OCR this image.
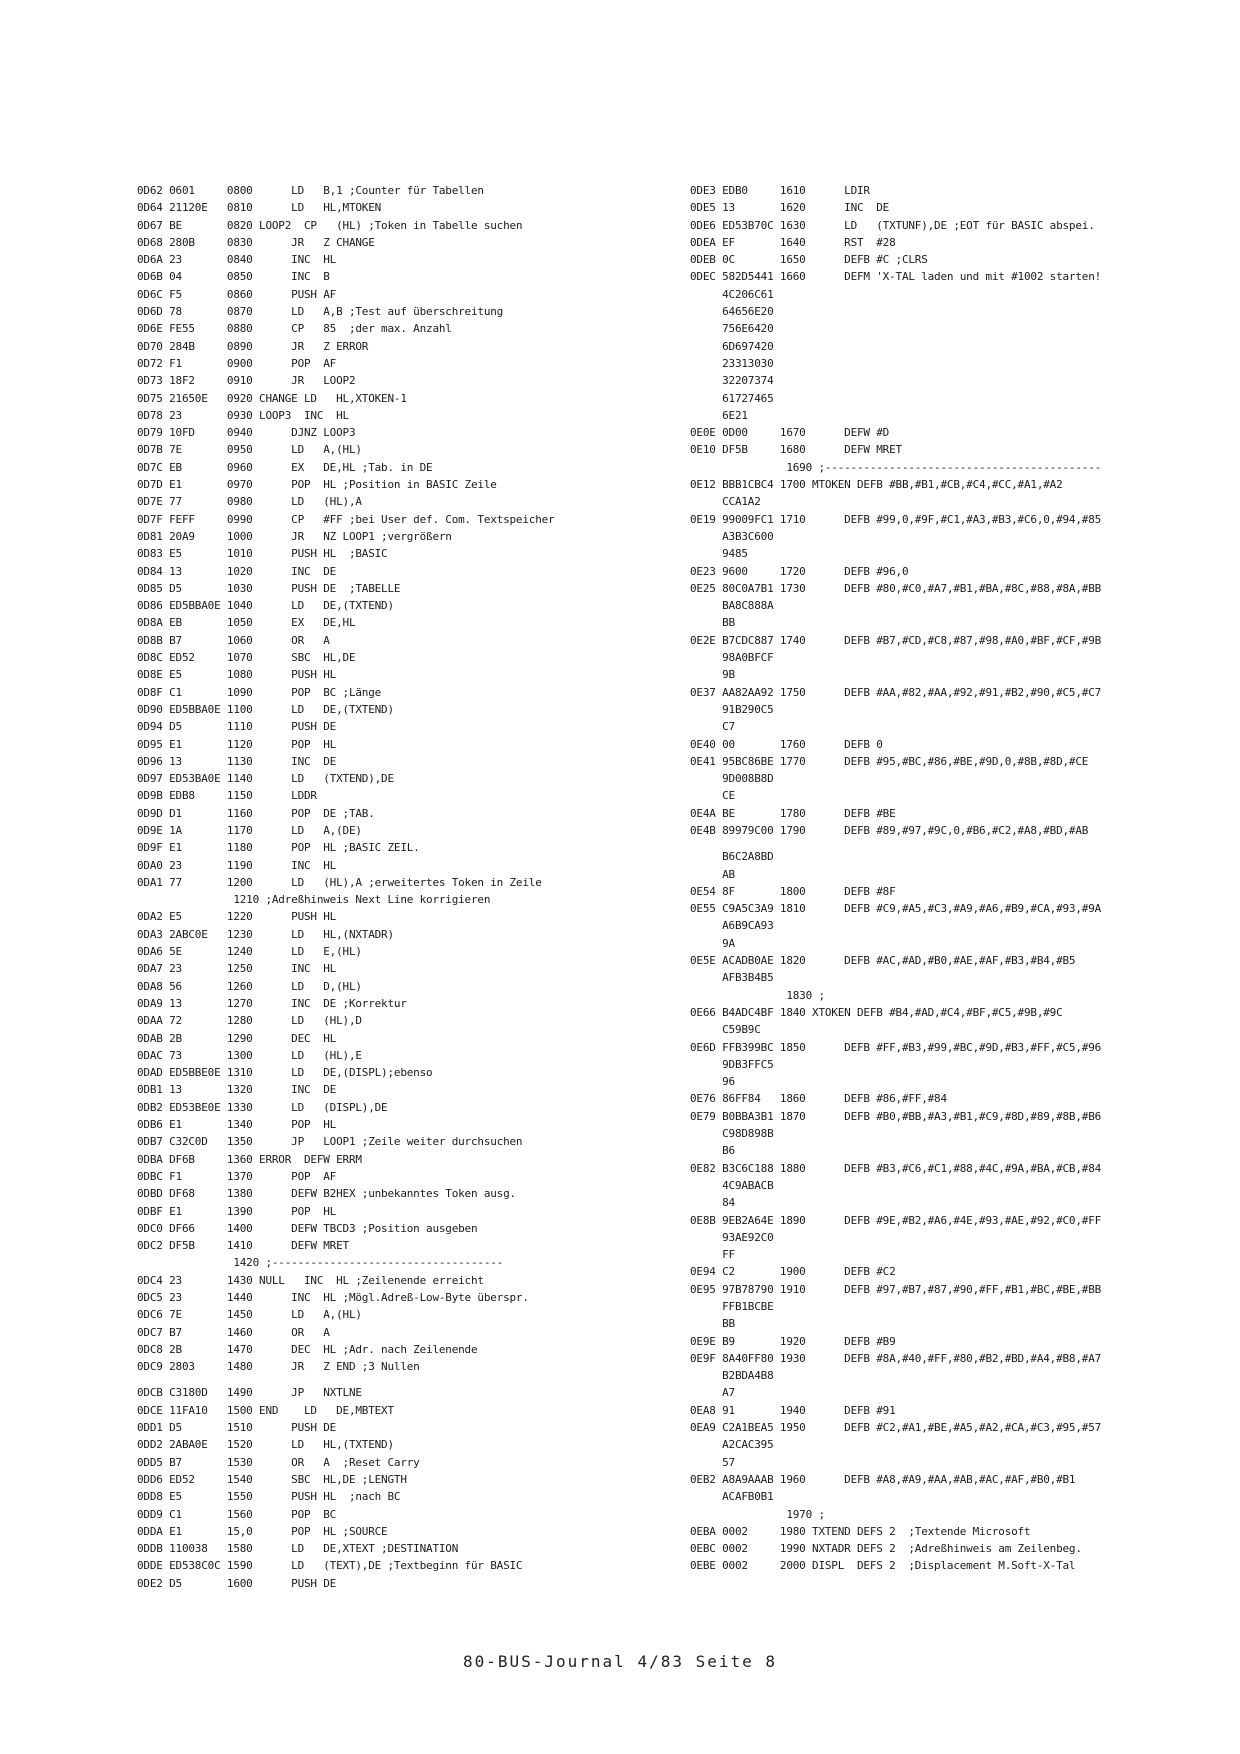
0D62 0601     0800      LD   B,1 ;Counter für Tabellen
0D64 21120E   0810      LD   HL,MTOKEN
0D67 BE       0820 LOOP2  CP   (HL) ;Token in Tabelle suchen
0D68 280B     0830      JR   Z CHANGE
0D6A 23       0840      INC  HL
0D6B 04       0850      INC  B
0D6C F5       0860      PUSH AF
0D6D 78       0870      LD   A,B ;Test auf überschreitung
0D6E FE55     0880      CP   85  ;der max. Anzahl
0D70 284B     0890      JR   Z ERROR
0D72 F1       0900      POP  AF
0D73 18F2     0910      JR   LOOP2
0D75 21650E   0920 CHANGE LD   HL,XTOKEN-1
0D78 23       0930 LOOP3  INC  HL
0D79 10FD     0940      DJNZ LOOP3
0D7B 7E       0950      LD   A,(HL)
0D7C EB       0960      EX   DE,HL ;Tab. in DE
0D7D E1       0970      POP  HL ;Position in BASIC Zeile
0D7E 77       0980      LD   (HL),A
0D7F FEFF     0990      CP   #FF ;bei User def. Com. Textspeicher
0D81 20A9     1000      JR   NZ LOOP1 ;vergrößern
0D83 E5       1010      PUSH HL  ;BASIC
0D84 13       1020      INC  DE
0D85 D5       1030      PUSH DE  ;TABELLE
0D86 ED5BBA0E 1040      LD   DE,(TXTEND)
0D8A EB       1050      EX   DE,HL
0D8B B7       1060      OR   A
0D8C ED52     1070      SBC  HL,DE
0D8E E5       1080      PUSH HL
0D8F C1       1090      POP  BC ;Länge
0D90 ED5BBA0E 1100      LD   DE,(TXTEND)
0D94 D5       1110      PUSH DE
0D95 E1       1120      POP  HL
0D96 13       1130      INC  DE
0D97 ED53BA0E 1140      LD   (TXTEND),DE
0D9B EDB8     1150      LDDR
0D9D D1       1160      POP  DE ;TAB.
0D9E 1A       1170      LD   A,(DE)
0D9F E1       1180      POP  HL ;BASIC ZEIL.
0DA0 23       1190      INC  HL
0DA1 77       1200      LD   (HL),A ;erweitertes Token in Zeile
1210 ;Adreßhinweis Next Line korrigieren
0DA2 E5       1220      PUSH HL
0DA3 2ABC0E   1230      LD   HL,(NXTADR)
0DA6 5E       1240      LD   E,(HL)
0DA7 23       1250      INC  HL
0DA8 56       1260      LD   D,(HL)
0DA9 13       1270      INC  DE ;Korrektur
0DAA 72       1280      LD   (HL),D
0DAB 2B       1290      DEC  HL
0DAC 73       1300      LD   (HL),E
0DAD ED5BBE0E 1310      LD   DE,(DISPL);ebenso
0DB1 13       1320      INC  DE
0DB2 ED53BE0E 1330      LD   (DISPL),DE
0DB6 E1       1340      POP  HL
0DB7 C32C0D   1350      JP   LOOP1 ;Zeile weiter durchsuchen
0DBA DF6B     1360 ERROR  DEFW ERRM
0DBC F1       1370      POP  AF
0DBD DF68     1380      DEFW B2HEX ;unbekanntes Token ausg.
0DBF E1       1390      POP  HL
0DC0 DF66     1400      DEFW TBCD3 ;Position ausgeben
0DC2 DF5B     1410      DEFW MRET
1420 ;------------------------------------
0DC4 23       1430 NULL   INC  HL ;Zeilenende erreicht
0DC5 23       1440      INC  HL ;Mögl.Adreß-Low-Byte überspr.
0DC6 7E       1450      LD   A,(HL)
0DC7 B7       1460      OR   A
0DC8 2B       1470      DEC  HL ;Adr. nach Zeilenende
0DC9 2803     1480      JR   Z END ;3 Nullen
0DCB C3180D   1490      JP   NXTLNE
0DCE 11FA10   1500 END    LD   DE,MBTEXT
0DD1 D5       1510      PUSH DE
0DD2 2ABA0E   1520      LD   HL,(TXTEND)
0DD5 B7       1530      OR   A  ;Reset Carry
0DD6 ED52     1540      SBC  HL,DE ;LENGTH
0DD8 E5       1550      PUSH HL  ;nach BC
0DD9 C1       1560      POP  BC
0DDA E1       15,0      POP  HL ;SOURCE
0DDB 110038   1580      LD   DE,XTEXT ;DESTINATION
0DDE ED538C0C 1590      LD   (TEXT),DE ;Textbeginn für BASIC
0DE2 D5       1600      PUSH DE
0DE3 EDB0     1610      LDIR
0DE5 13       1620      INC  DE
0DE6 ED53B70C 1630      LD   (TXTUNF),DE ;EOT für BASIC abspei.
0DEA EF       1640      RST  #28
0DEB 0C       1650      DEFB #C ;CLRS
0DEC 582D5441 1660      DEFM 'X-TAL laden und mit #1002 starten!
4C206C61
64656E20
756E6420
6D697420
23313030
32207374
61727465
6E21
0E0E 0D00     1670      DEFW #D
0E10 DF5B     1680      DEFW MRET
1690 ;-------------------------------------------
0E12 BBB1CBC4 1700 MTOKEN DEFB #BB,#B1,#CB,#C4,#CC,#A1,#A2
CCA1A2
0E19 99009FC1 1710      DEFB #99,0,#9F,#C1,#A3,#B3,#C6,0,#94,#85
A3B3C600
9485
0E23 9600     1720      DEFB #96,0
0E25 80C0A7B1 1730      DEFB #80,#C0,#A7,#B1,#BA,#8C,#88,#8A,#BB
BA8C888A
BB
0E2E B7CDC887 1740      DEFB #B7,#CD,#C8,#87,#98,#A0,#BF,#CF,#9B
98A0BFCF
9B
0E37 AA82AA92 1750      DEFB #AA,#82,#AA,#92,#91,#B2,#90,#C5,#C7
91B290C5
C7
0E40 00       1760      DEFB 0
0E41 95BC86BE 1770      DEFB #95,#BC,#86,#BE,#9D,0,#8B,#8D,#CE
9D008B8D
CE
0E4A BE       1780      DEFB #BE
0E4B 89979C00 1790      DEFB #89,#97,#9C,0,#B6,#C2,#A8,#BD,#AB
B6C2A8BD
AB
0E54 8F       1800      DEFB #8F
0E55 C9A5C3A9 1810      DEFB #C9,#A5,#C3,#A9,#A6,#B9,#CA,#93,#9A
A6B9CA93
9A
0E5E ACADB0AE 1820      DEFB #AC,#AD,#B0,#AE,#AF,#B3,#B4,#B5
AFB3B4B5
1830 ;
0E66 B4ADC4BF 1840 XTOKEN DEFB #B4,#AD,#C4,#BF,#C5,#9B,#9C
C59B9C
0E6D FFB399BC 1850      DEFB #FF,#B3,#99,#BC,#9D,#B3,#FF,#C5,#96
9DB3FFC5
96
0E76 86FF84   1860      DEFB #86,#FF,#84
0E79 B0BBA3B1 1870      DEFB #B0,#BB,#A3,#B1,#C9,#8D,#89,#8B,#B6
C98D898B
B6
0E82 B3C6C188 1880      DEFB #B3,#C6,#C1,#88,#4C,#9A,#BA,#CB,#84
4C9ABACB
84
0E8B 9EB2A64E 1890      DEFB #9E,#B2,#A6,#4E,#93,#AE,#92,#C0,#FF
93AE92C0
FF
0E94 C2       1900      DEFB #C2
0E95 97B78790 1910      DEFB #97,#B7,#87,#90,#FF,#B1,#BC,#BE,#BB
FFB1BCBE
BB
0E9E B9       1920      DEFB #B9
0E9F 8A40FF80 1930      DEFB #8A,#40,#FF,#80,#B2,#BD,#A4,#B8,#A7
B2BDA4B8
A7
0EA8 91       1940      DEFB #91
0EA9 C2A1BEA5 1950      DEFB #C2,#A1,#BE,#A5,#A2,#CA,#C3,#95,#57
A2CAC395
57
0EB2 A8A9AAAB 1960      DEFB #A8,#A9,#AA,#AB,#AC,#AF,#B0,#B1
ACAFB0B1
1970 ;
0EBA 0002     1980 TXTEND DEFS 2  ;Textende Microsoft
0EBC 0002     1990 NXTADR DEFS 2  ;Adreßhinweis am Zeilenbeg.
0EBE 0002     2000 DISPL  DEFS 2  ;Displacement M.Soft-X-Tal
80-BUS-Journal 4/83 Seite 8
